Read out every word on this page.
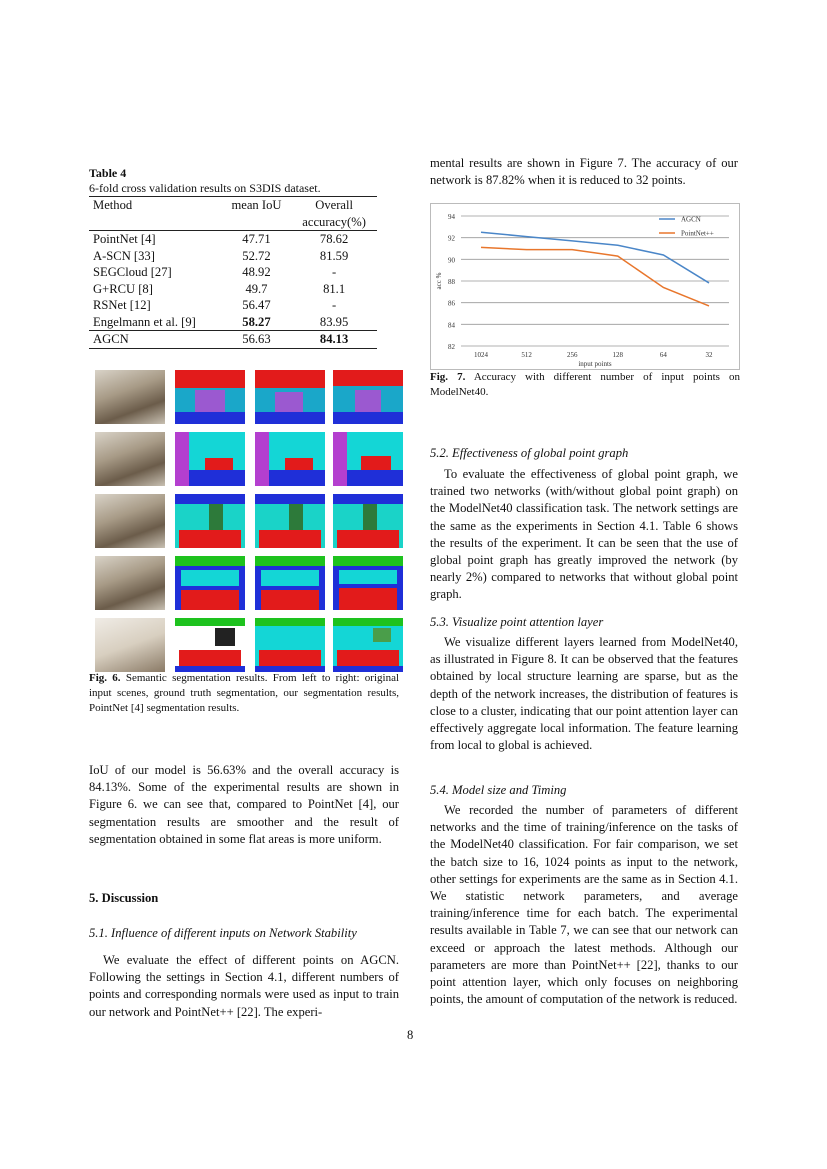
Table 4
6-fold cross validation results on S3DIS dataset.
Method	mean IoU	Overall
		accuracy(%)
PointNet [4]	47.71	78.62
A-SCN [33]	52.72	81.59
SEGCloud [27]	48.92	-
G+RCU [8]	49.7	81.1
RSNet [12]	56.47	-
Engelmann et al. [9]	58.27	83.95
AGCN	56.63	84.13
Fig. 6. Semantic segmentation results. From left to right: original input scenes, ground truth segmentation, our segmentation results, PointNet [4] segmentation results.
IoU of our model is 56.63% and the overall accuracy is 84.13%. Some of the experimental results are shown in Figure 6. we can see that, compared to PointNet [4], our segmentation results are smoother and the result of segmentation obtained in some flat areas is more uniform.
5. Discussion
5.1. Influence of different inputs on Network Stability
We evaluate the effect of different points on AGCN. Following the settings in Section 4.1, different numbers of points and corresponding normals were used as input to train our network and PointNet++ [22]. The experi-
mental results are shown in Figure 7. The accuracy of our network is 87.82% when it is reduced to 32 points.
82
84
86
88
90
92
94
1024	512	256	128	64	32
input points
acc %
AGCN
PointNet++
Fig. 7. Accuracy with different number of input points on ModelNet40.
5.2. Effectiveness of global point graph
To evaluate the effectiveness of global point graph, we trained two networks (with/without global point graph) on the ModelNet40 classification task. The network settings are the same as the experiments in Section 4.1. Table 6 shows the results of the experiment. It can be seen that the use of global point graph has greatly improved the network (by nearly 2%) compared to networks that without global point graph.
5.3. Visualize point attention layer
We visualize different layers learned from ModelNet40, as illustrated in Figure 8. It can be observed that the features obtained by local structure learning are sparse, but as the depth of the network increases, the distribution of features is close to a cluster, indicating that our point attention layer can effectively aggregate local information. The feature learning from local to global is achieved.
5.4. Model size and Timing
We recorded the number of parameters of different networks and the time of training/inference on the tasks of the ModelNet40 classification. For fair comparison, we set the batch size to 16, 1024 points as input to the network, other settings for experiments are the same as in Section 4.1. We statistic network parameters, and average training/inference time for each batch. The experimental results available in Table 7, we can see that our network can exceed or approach the latest methods. Although our parameters are more than PointNet++ [22], thanks to our point attention layer, which only focuses on neighboring points, the amount of computation of the network is reduced.
8
